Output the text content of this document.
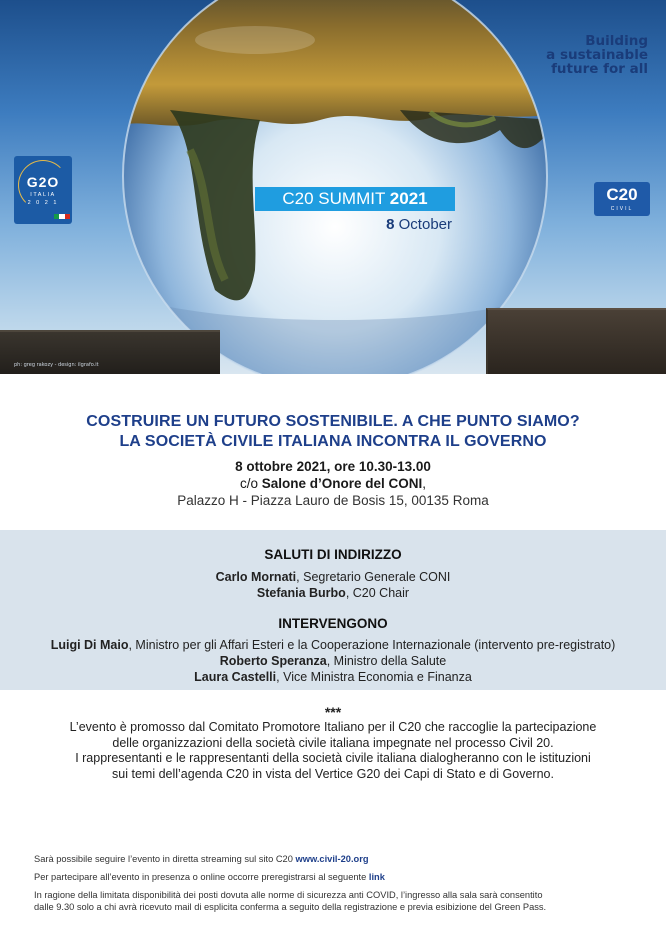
Building
a sustainable
future for all
G2O
ITALIA
2 0 2 1	C20
CIVIL
C20 SUMMIT 2021
8 October
ph: greg rakozy - design: ilgrafo.it
COSTRUIRE UN FUTURO SOSTENIBILE. A CHE PUNTO SIAMO?
LA SOCIETÀ CIVILE ITALIANA INCONTRA IL GOVERNO
8 ottobre 2021, ore 10.30-13.00
c/o Salone d’Onore del CONI,
Palazzo H - Piazza Lauro de Bosis 15, 00135 Roma
SALUTI DI INDIRIZZO
Carlo Mornati, Segretario Generale CONI
Stefania Burbo, C20 Chair
INTERVENGONO
Luigi Di Maio, Ministro per gli Affari Esteri e la Cooperazione Internazionale (intervento pre-registrato)
Roberto Speranza, Ministro della Salute
Laura Castelli, Vice Ministra Economia e Finanza
***
L’evento è promosso dal Comitato Promotore Italiano per il C20 che raccoglie la partecipazione
delle organizzazioni della società civile italiana impegnate nel processo Civil 20.
I rappresentanti e le rappresentanti della società civile italiana dialogheranno con le istituzioni
sui temi dell’agenda C20 in vista del Vertice G20 dei Capi di Stato e di Governo.

Sarà possibile seguire l’evento in diretta streaming sul sito C20 www.civil-20.org

Per partecipare all’evento in presenza o online occorre preregistrarsi al seguente link

In ragione della limitata disponibilità dei posti dovuta alle norme di sicurezza anti COVID, l’ingresso alla sala sarà consentito
dalle 9.30 solo a chi avrà ricevuto mail di esplicita conferma a seguito della registrazione e previa esibizione del Green Pass.
